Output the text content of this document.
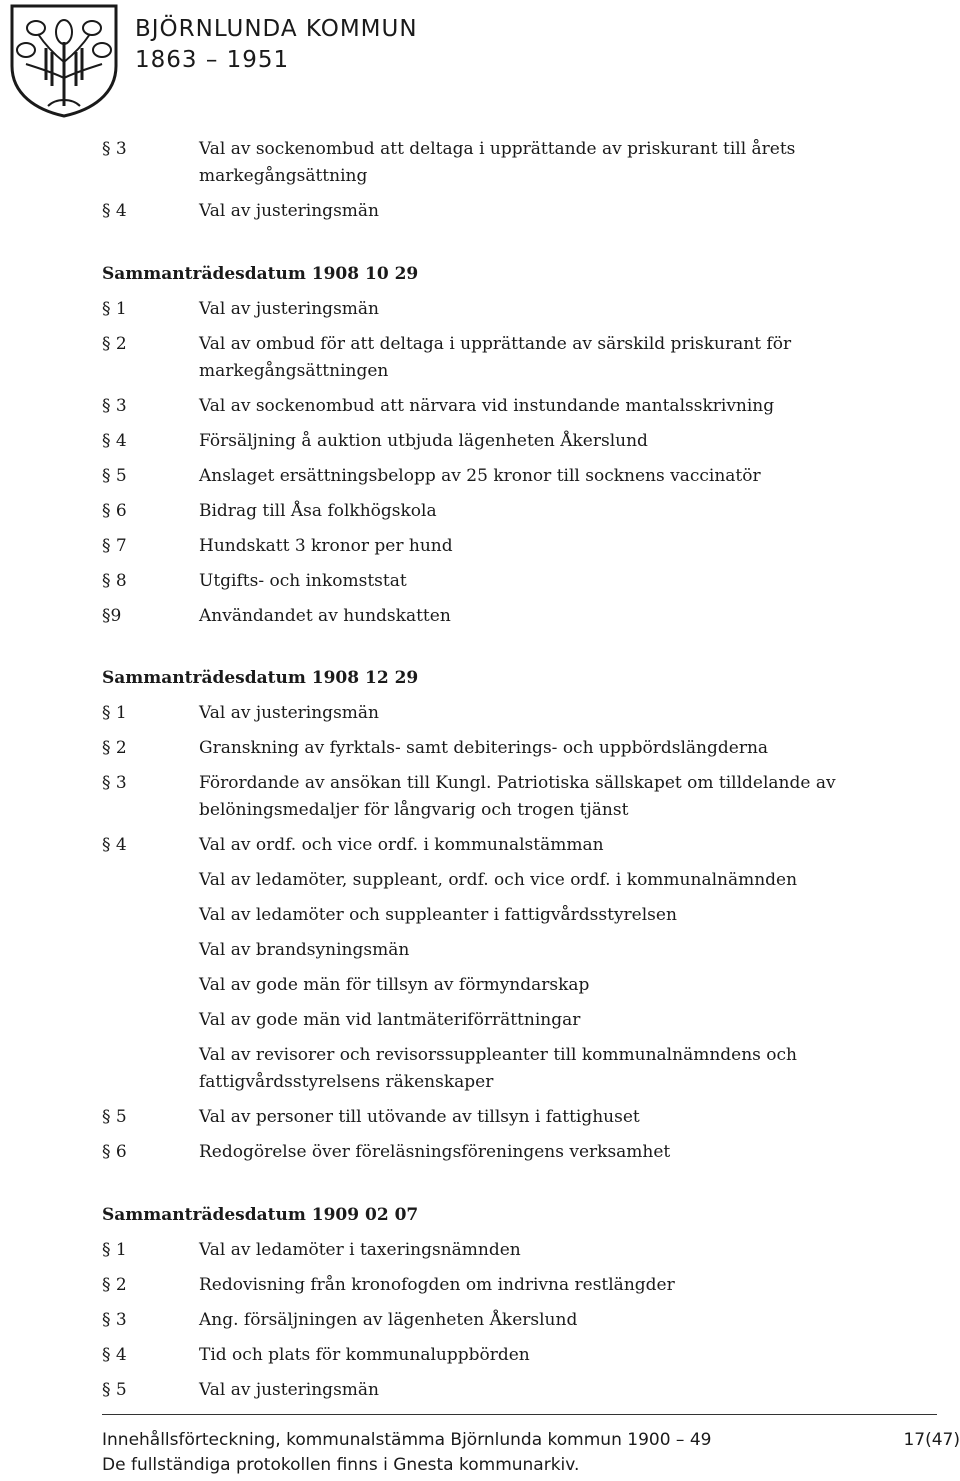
BJÖRNLUNDA KOMMUN
1863 – 1951
§ 3	Val av sockenombud att deltaga i upprättande av priskurant till årets markegångsättning
§ 4	Val av justeringsmän
Sammanträdesdatum 1908 10 29
§ 1	Val av justeringsmän
§ 2	Val av ombud för att deltaga i upprättande av särskild priskurant för markegångsättningen
§ 3	Val av sockenombud att närvara vid instundande mantalsskrivning
§ 4	Försäljning å auktion utbjuda lägenheten Åkerslund
§ 5	Anslaget ersättningsbelopp av 25 kronor till socknens vaccinatör
§ 6	Bidrag till Åsa folkhögskola
§ 7	Hundskatt 3 kronor per hund
§ 8	Utgifts- och inkomststat
§9	Användandet av hundskatten
Sammanträdesdatum 1908 12 29
§ 1	Val av justeringsmän
§ 2	Granskning av fyrktals- samt debiterings- och uppbördslängderna
§ 3	Förordande av ansökan till Kungl. Patriotiska sällskapet om tilldelande av belöningsmedaljer för långvarig och trogen tjänst
§ 4	Val av ordf. och vice ordf. i kommunalstämman
Val av ledamöter, suppleant, ordf. och vice ordf. i kommunalnämnden
Val av ledamöter och suppleanter i fattigvårdsstyrelsen
Val av brandsyningsmän
Val av gode män för tillsyn av förmyndarskap
Val av gode män vid lantmäteriförrättningar
Val av revisorer och revisorssuppleanter till kommunalnämndens och fattigvårdsstyrelsens räkenskaper
§ 5	Val av personer till utövande av tillsyn i fattighuset
§ 6	Redogörelse över föreläsningsföreningens verksamhet
Sammanträdesdatum 1909 02 07
§ 1	Val av ledamöter i taxeringsnämnden
§ 2	Redovisning från kronofogden om indrivna restlängder
§ 3	Ang. försäljningen av lägenheten Åkerslund
§ 4	Tid och plats för kommunaluppbörden
§ 5	Val av justeringsmän
Innehållsförteckning, kommunalstämma Björnlunda kommun 1900 – 49
De fullständiga protokollen finns i Gnesta kommunarkiv.
17(47)
